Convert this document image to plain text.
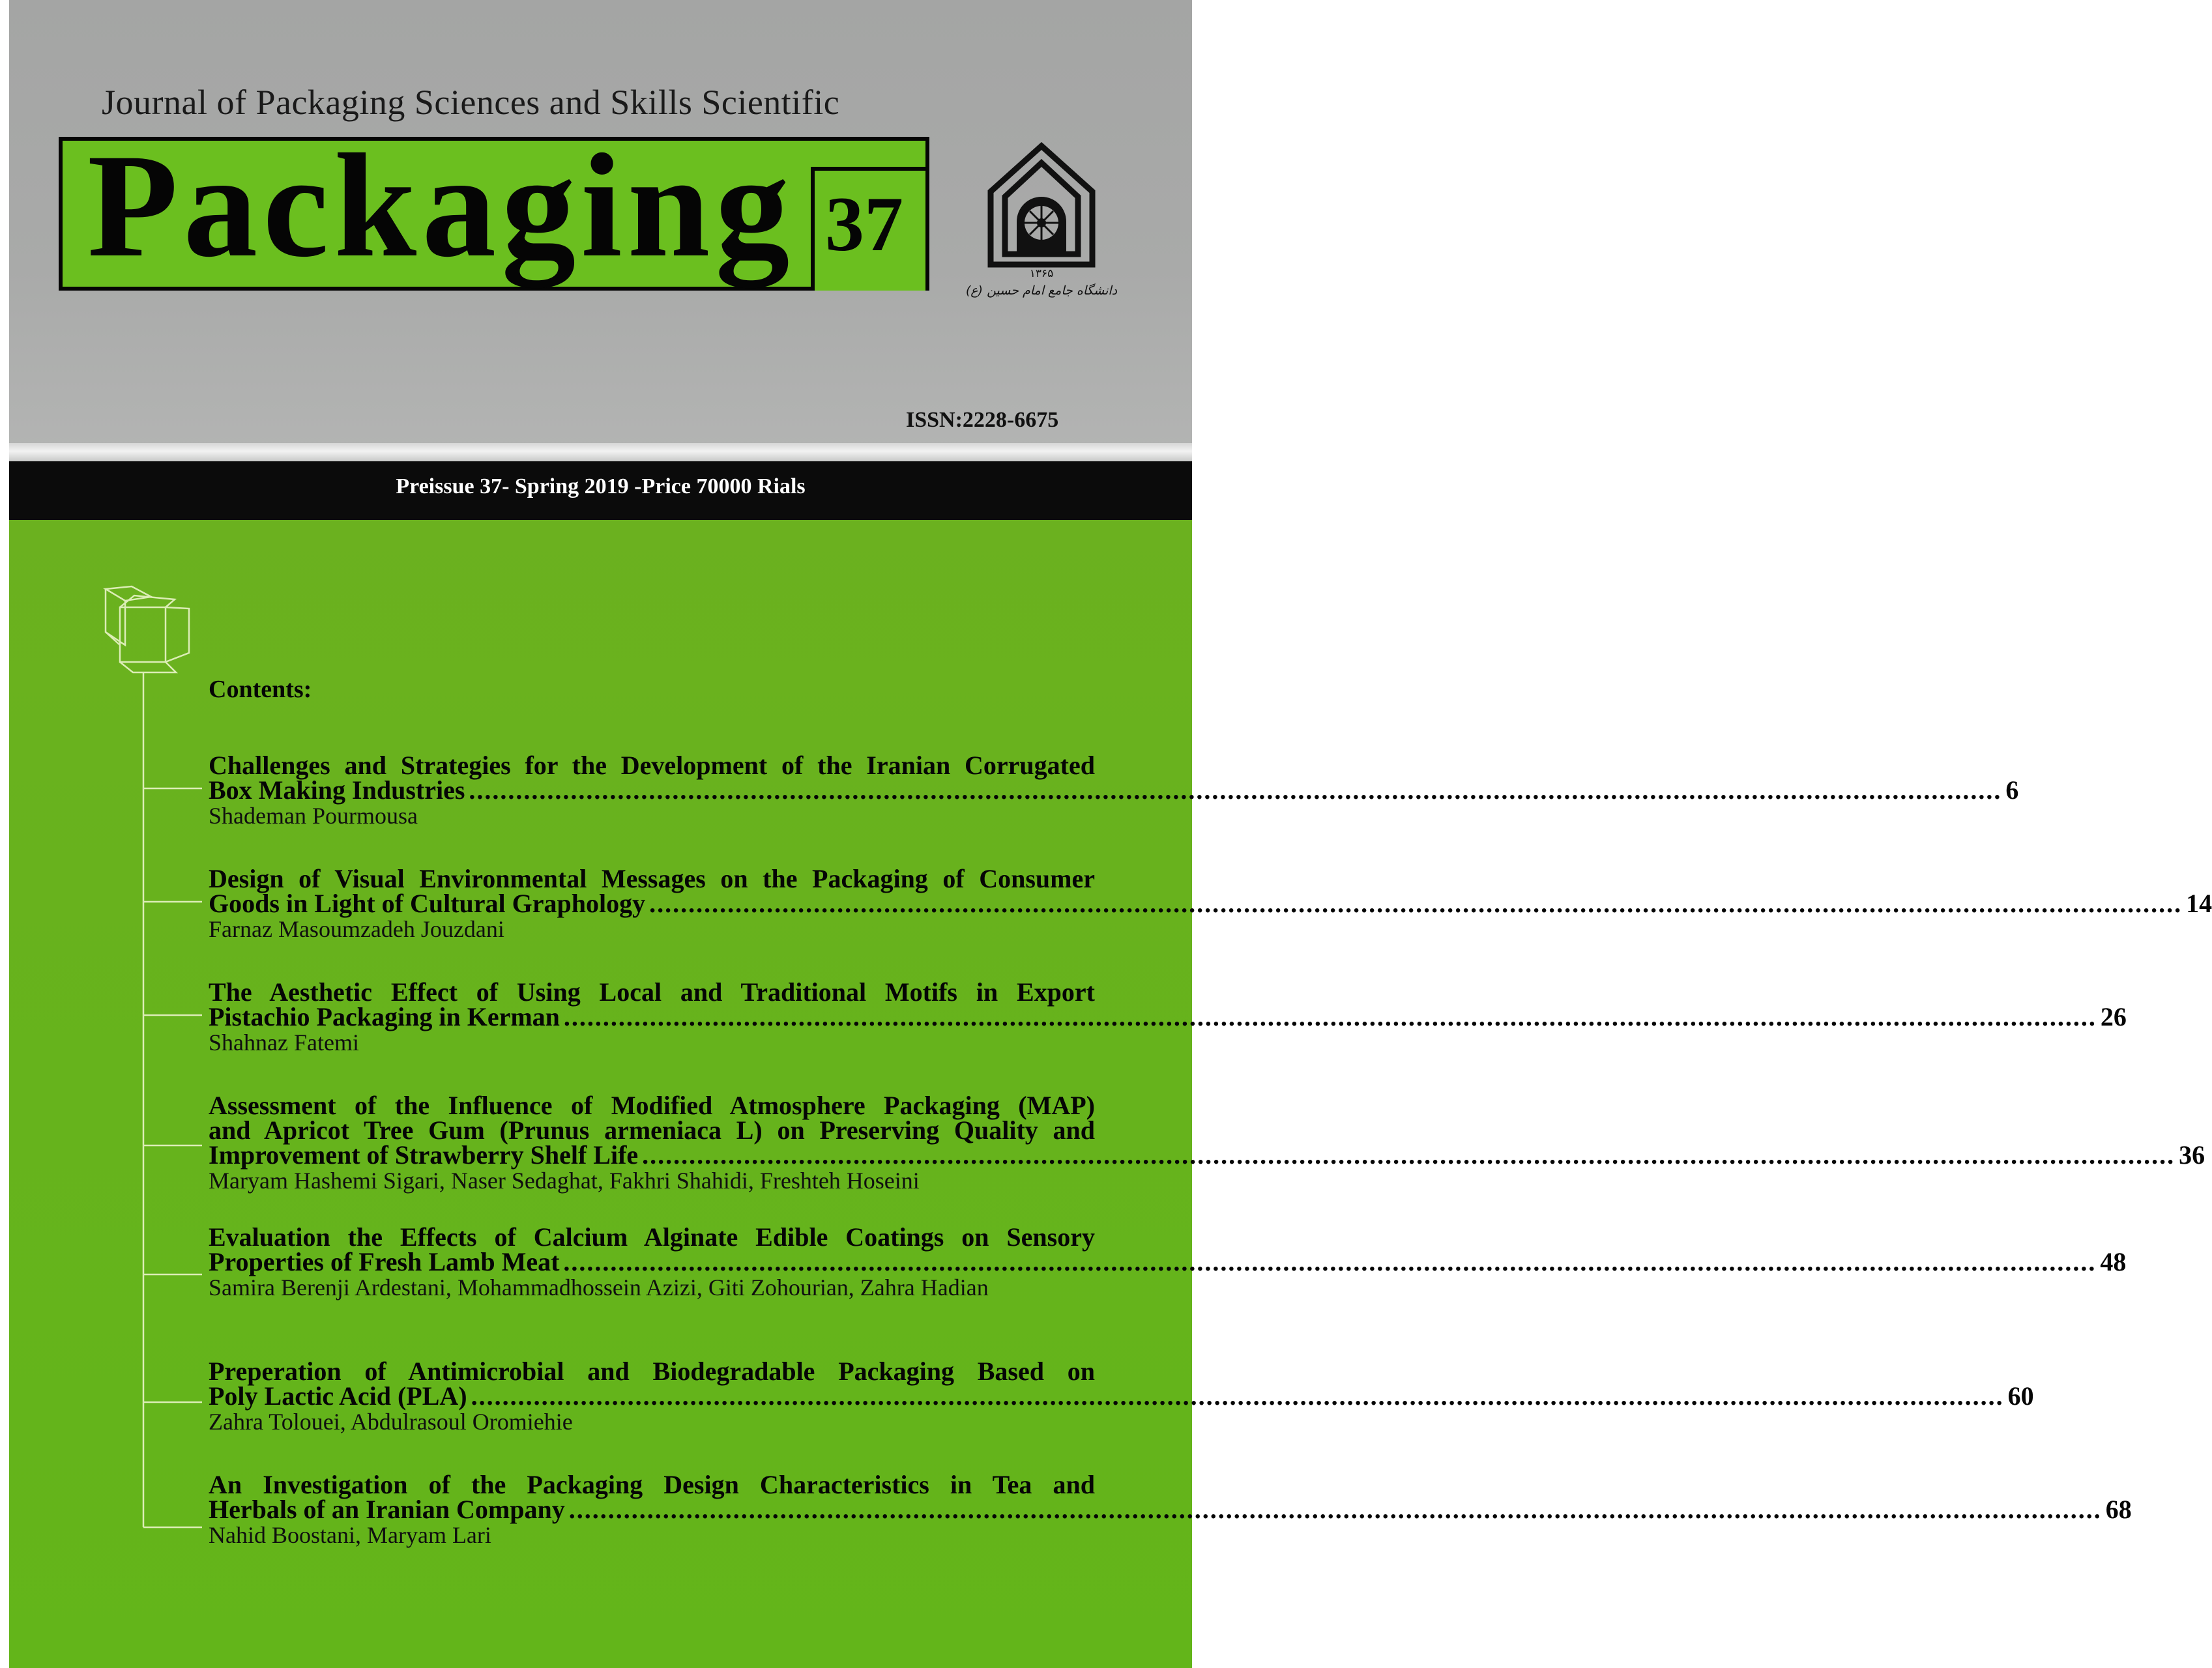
Journal of Packaging Sciences and Skills Scientific
Packaging 37
۱۳۶۵
دانشگاه جامع امام حسین (ع)
ISSN:2228-6675
Preissue 37- Spring 2019 -Price 70000 Rials
Contents:
Challenges and Strategies for the Development of the Iranian Corrugated
Box Making Industries .....	6
Shademan Pourmousa
Design of Visual Environmental Messages on the Packaging of Consumer
Goods in Light of Cultural Graphology .....	14
Farnaz Masoumzadeh Jouzdani
The Aesthetic Effect of Using Local and Traditional Motifs in Export
Pistachio Packaging in Kerman .....	26
Shahnaz Fatemi
Assessment of the Influence of Modified Atmosphere Packaging (MAP)
and Apricot Tree Gum (Prunus armeniaca L) on Preserving Quality and
Improvement of Strawberry Shelf Life .....	36
Maryam Hashemi Sigari, Naser Sedaghat, Fakhri Shahidi, Freshteh Hoseini
Evaluation the Effects of Calcium Alginate Edible Coatings on Sensory
Properties of Fresh Lamb Meat .....	48
Samira Berenji Ardestani, Mohammadhossein Azizi, Giti Zohourian, Zahra Hadian
Preperation of Antimicrobial and Biodegradable Packaging Based on
Poly Lactic Acid (PLA) .....	60
Zahra Tolouei, Abdulrasoul Oromiehie
An Investigation of the Packaging Design Characteristics in Tea and
Herbals of an Iranian Company .....	68
Nahid Boostani, Maryam Lari
